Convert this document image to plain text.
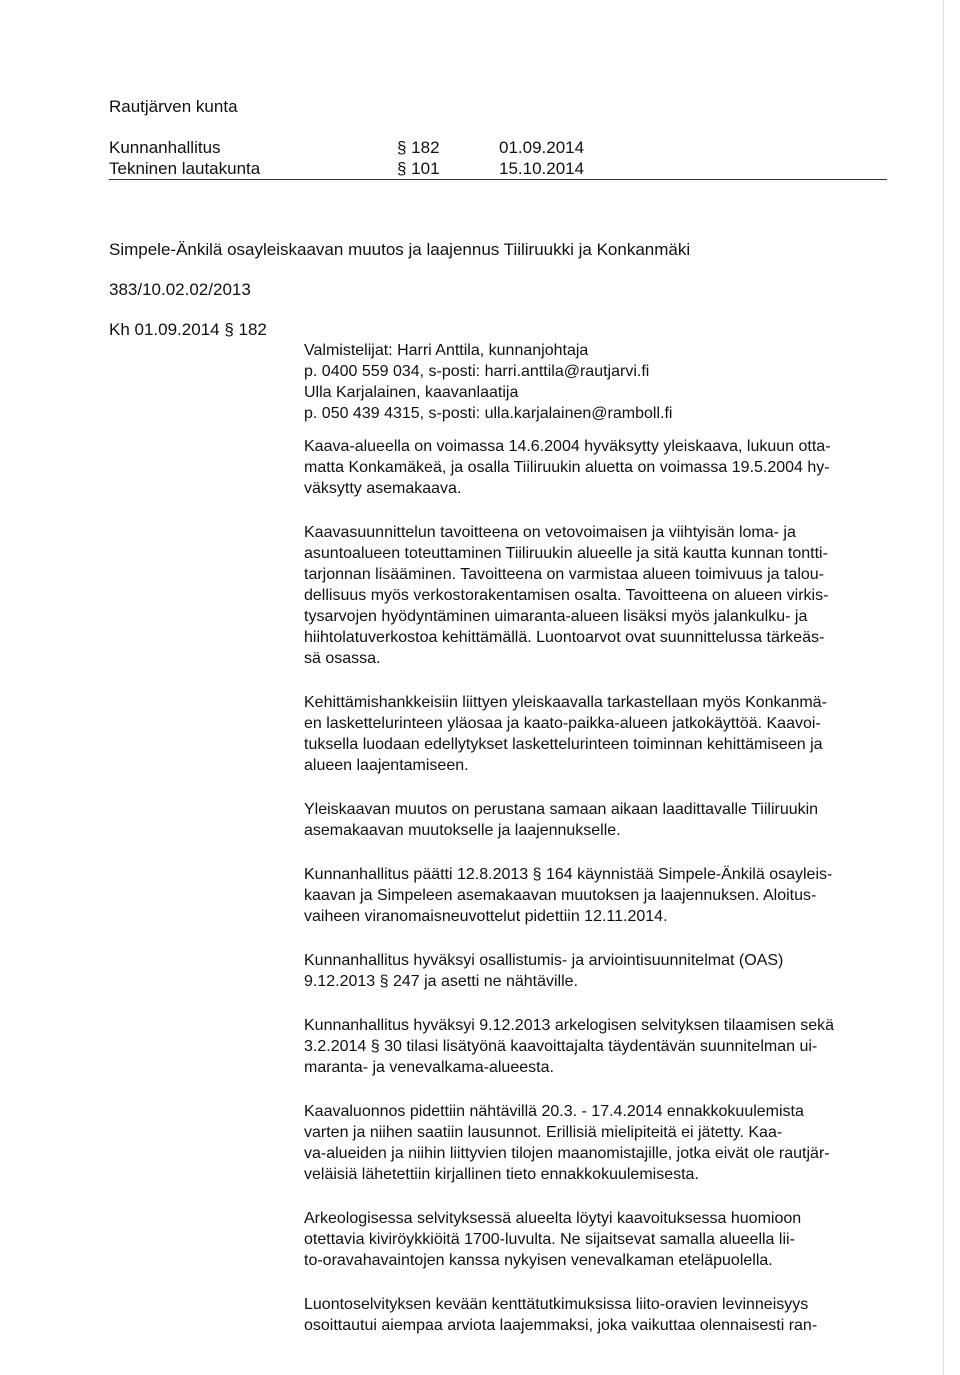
Rautjärven kunta
Kunnanhallitus	§ 182	01.09.2014
Tekninen lautakunta	§ 101	15.10.2014
Simpele-Änkilä osayleiskaavan muutos ja laajennus Tiiliruukki ja Konkanmäki
383/10.02.02/2013
Kh 01.09.2014 § 182

Valmistelijat: Harri Anttila, kunnanjohtaja
p. 0400 559 034, s-posti: harri.anttila@rautjarvi.fi
Ulla Karjalainen, kaavanlaatija
p. 050 439 4315, s-posti: ulla.karjalainen@ramboll.fi

Kaava-alueella on voimassa 14.6.2004 hyväksytty yleiskaava, lukuun otta-
matta Konkamäkeä, ja osalla Tiiliruukin aluetta on voimassa 19.5.2004 hy-
väksytty asemakaava.

Kaavasuunnittelun tavoitteena on vetovoimaisen ja viihtyisän loma- ja
asuntoalueen toteuttaminen Tiiliruukin alueelle ja sitä kautta kunnan tontti-
tarjonnan lisääminen. Tavoitteena on varmistaa alueen toimivuus ja talou-
dellisuus myös verkostorakentamisen osalta. Tavoitteena on alueen virkis-
tysarvojen hyödyntäminen uimaranta-alueen lisäksi myös jalankulku- ja
hiihtolatuverkostoa kehittämällä. Luontoarvot ovat suunnittelussa tärkeäs-
sä osassa.

Kehittämishankkeisiin liittyen yleiskaavalla tarkastellaan myös Konkanmä-
en laskettelurinteen yläosaa ja kaato-paikka-alueen jatkokäyttöä. Kaavoi-
tuksella luodaan edellytykset laskettelurinteen toiminnan kehittämiseen ja
alueen laajentamiseen.

Yleiskaavan muutos on perustana samaan aikaan laadittavalle Tiiliruukin
asemakaavan muutokselle ja laajennukselle.

Kunnanhallitus päätti 12.8.2013 § 164 käynnistää Simpele-Änkilä osayleis-
kaavan ja Simpeleen asemakaavan muutoksen ja laajennuksen. Aloitus-
vaiheen viranomaisneuvottelut pidettiin 12.11.2014.

Kunnanhallitus hyväksyi osallistumis- ja arviointisuunnitelmat (OAS)
9.12.2013 § 247 ja asetti ne nähtäville.

Kunnanhallitus hyväksyi 9.12.2013 arkelogisen selvityksen tilaamisen sekä
3.2.2014 § 30 tilasi lisätyönä kaavoittajalta täydentävän suunnitelman ui-
maranta- ja venevalkama-alueesta.

Kaavaluonnos pidettiin nähtävillä 20.3. - 17.4.2014 ennakkokuulemista
varten ja niihen saatiin lausunnot. Erillisiä mielipiteitä ei jätetty. Kaa-
va-alueiden ja niihin liittyvien tilojen maanomistajille, jotka eivät ole rautjär-
veläisiä lähetettiin kirjallinen tieto ennakkokuulemisesta.

Arkeologisessa selvityksessä alueelta löytyi kaavoituksessa huomioon
otettavia kiviröykkiöitä 1700-luvulta. Ne sijaitsevat samalla alueella lii-
to-oravahavaintojen kanssa nykyisen venevalkaman eteläpuolella.

Luontoselvityksen kevään kenttätutkimuksissa liito-oravien levinneisyys
osoittautui aiempaa arviota laajemmaksi, joka vaikuttaa olennaisesti ran-
